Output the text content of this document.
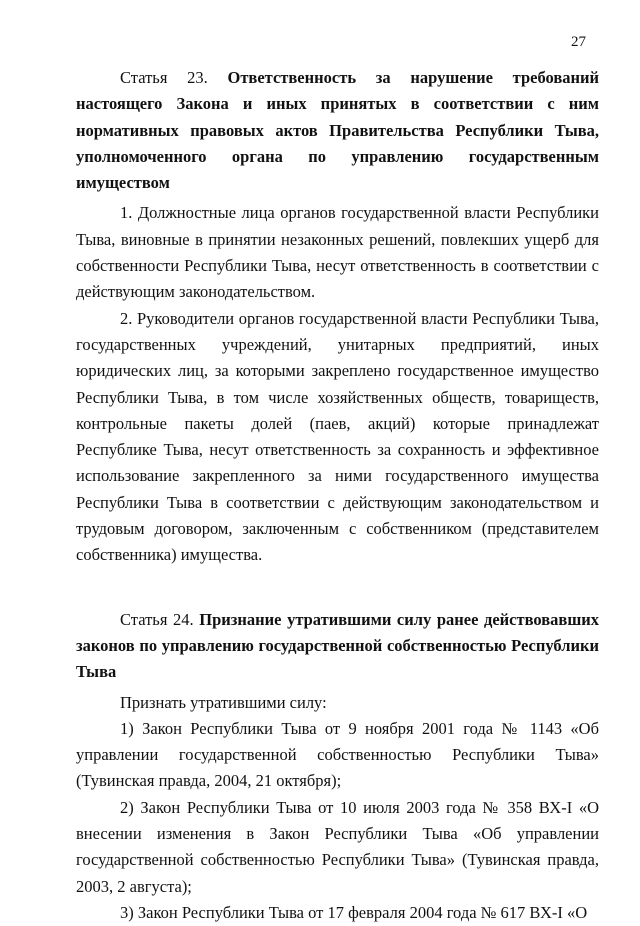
27

Статья 23. Ответственность за нарушение требований настоящего Закона и иных принятых в соответствии с ним нормативных правовых актов Правительства Республики Тыва, уполномоченного органа по управлению государственным имуществом

1. Должностные лица органов государственной власти Республики Тыва, виновные в принятии незаконных решений, повлекших ущерб для собственности Республики Тыва, несут ответственность в соответствии с действующим законодательством.

2. Руководители органов государственной власти Республики Тыва, государственных учреждений, унитарных предприятий, иных юридических лиц, за которыми закреплено государственное имущество Республики Тыва, в том числе хозяйственных обществ, товариществ, контрольные пакеты долей (паев, акций) которые принадлежат Республике Тыва, несут ответственность за сохранность и эффективное использование закрепленного за ними государственного имущества Республики Тыва в соответствии с действующим законодательством и трудовым договором, заключенным с собственником (представителем собственника) имущества.

Статья 24. Признание утратившими силу ранее действовавших законов по управлению государственной собственностью Республики Тыва

Признать утратившими силу:

1) Закон Республики Тыва от 9 ноября 2001 года № 1143 «Об управлении государственной собственностью Республики Тыва» (Тувинская правда, 2004, 21 октября);

2) Закон Республики Тыва от 10 июля 2003 года № 358 ВХ-I «О внесении изменения в Закон Республики Тыва «Об управлении государственной собственностью Республики Тыва» (Тувинская правда, 2003, 2 августа);

3) Закон Республики Тыва от 17 февраля 2004 года № 617 ВХ-I «О
